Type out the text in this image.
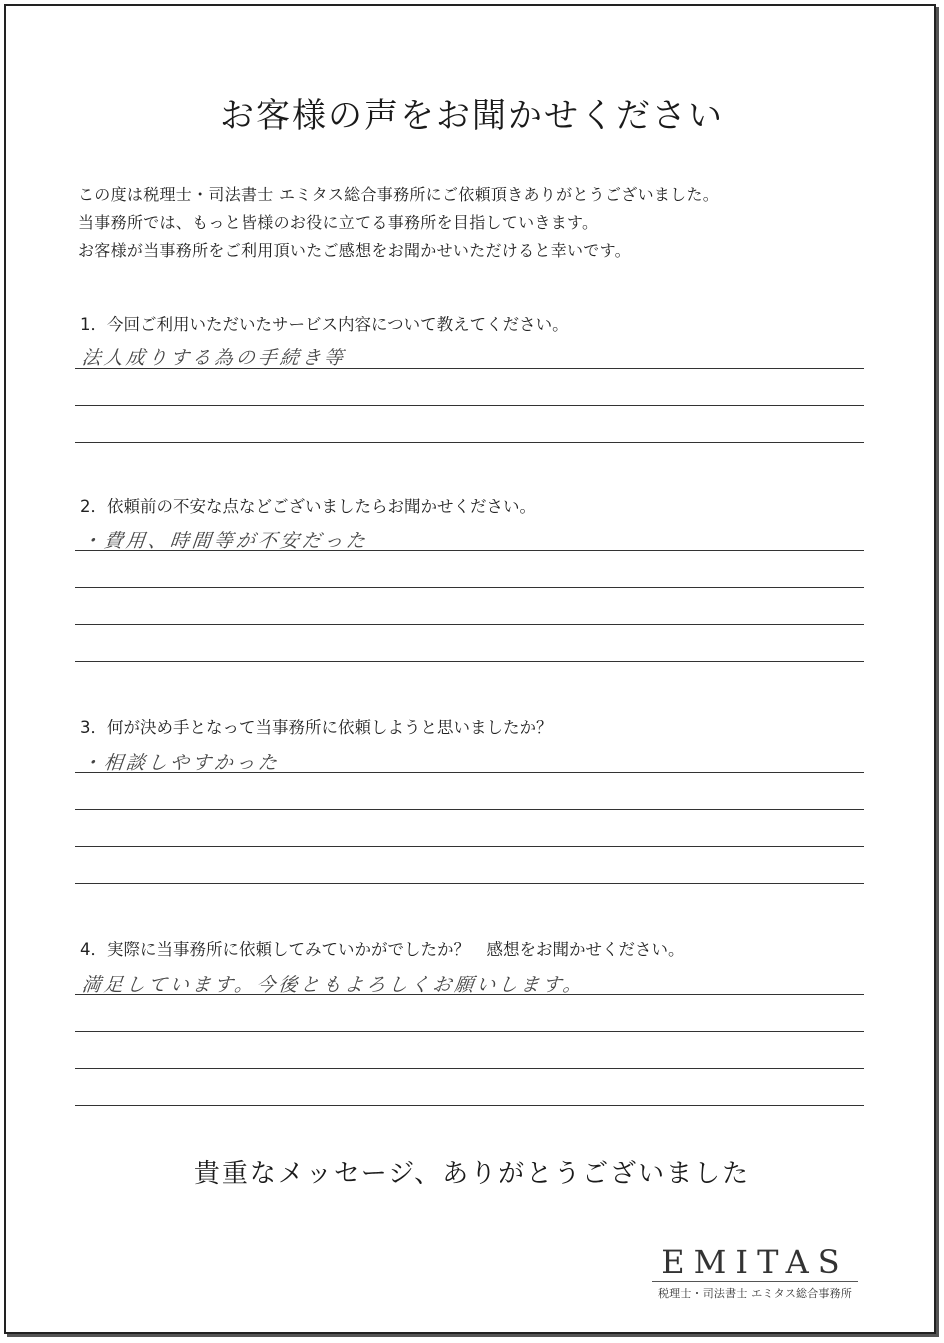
お客様の声をお聞かせください
この度は税理士・司法書士 エミタス総合事務所にご依頼頂きありがとうございました。
当事務所では、もっと皆様のお役に立てる事務所を目指していきます。
お客様が当事務所をご利用頂いたご感想をお聞かせいただけると幸いです。
1．今回ご利用いただいたサービス内容について教えてください。
法人成りする為の手続き等
2．依頼前の不安な点などございましたらお聞かせください。
・費用、時間等が不安だった
3．何が決め手となって当事務所に依頼しようと思いましたか？
・相談しやすかった
4．実際に当事務所に依頼してみていかがでしたか？　感想をお聞かせください。
満足しています。今後ともよろしくお願いします。
貴重なメッセージ、ありがとうございました
EMITAS
税理士・司法書士 エミタス総合事務所
